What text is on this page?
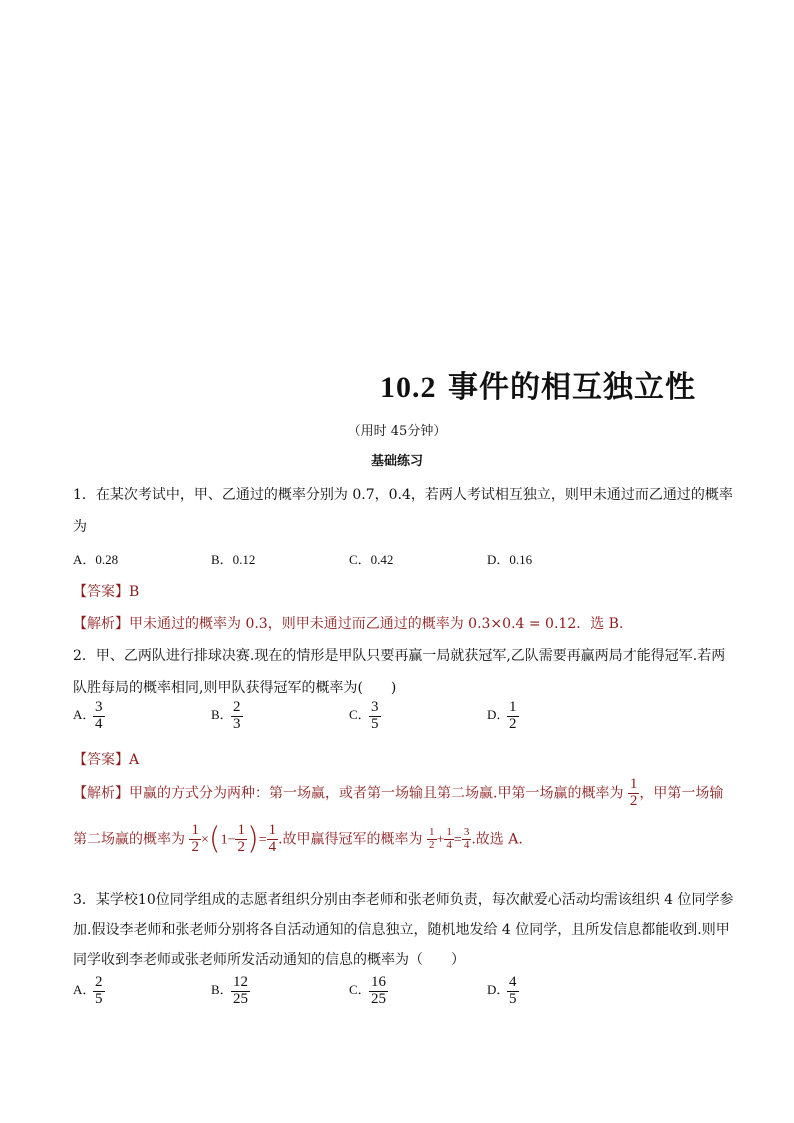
10.2 事件的相互独立性
（用时 45分钟）
基础练习
1．在某次考试中，甲、乙通过的概率分别为 0.7，0.4，若两人考试相互独立，则甲未通过而乙通过的概率
为
A．0.28	B．0.12	C．0.42	D．0.16
【答案】B
【解析】甲未通过的概率为 0.3，则甲未通过而乙通过的概率为 0.3×0.4 = 0.12．选 B.
2．甲、乙两队进行排球决赛.现在的情形是甲队只要再赢一局就获冠军,乙队需要再赢两局才能得冠军.若两
队胜每局的概率相同,则甲队获得冠军的概率为(　　)
A．
$\frac{3}{4}$	B．
$\frac{2}{3}$	C．
$\frac{3}{5}$	D．
$\frac{1}{2}$
【答案】A
【解析】甲赢的方式分为两种：第一场赢，或者第一场输且第二场赢.甲第一场赢的概率为 $\frac{1}{2}$ ，甲第一场输
第二场赢的概率为 $\frac{1}{2} \times(1- \frac{1}{2}$ )= $\frac{1}{4}$ .故甲赢得冠军的概率为 $\frac{1}{2} + \frac{1}{4} = \frac{3}{4}$ .故选 A.
3．某学校10位同学组成的志愿者组织分别由李老师和张老师负责，每次献爱心活动均需该组织 4 位同学参
加.假设李老师和张老师分别将各自活动通知的信息独立，随机地发给 4 位同学，且所发信息都能收到.则甲
同学收到李老师或张老师所发活动通知的信息的概率为（　　）
A．
$\frac{2}{5}$	B．
$\frac{12}{25}$	C．
$\frac{16}{25}$	D．
$\frac{4}{5}$
